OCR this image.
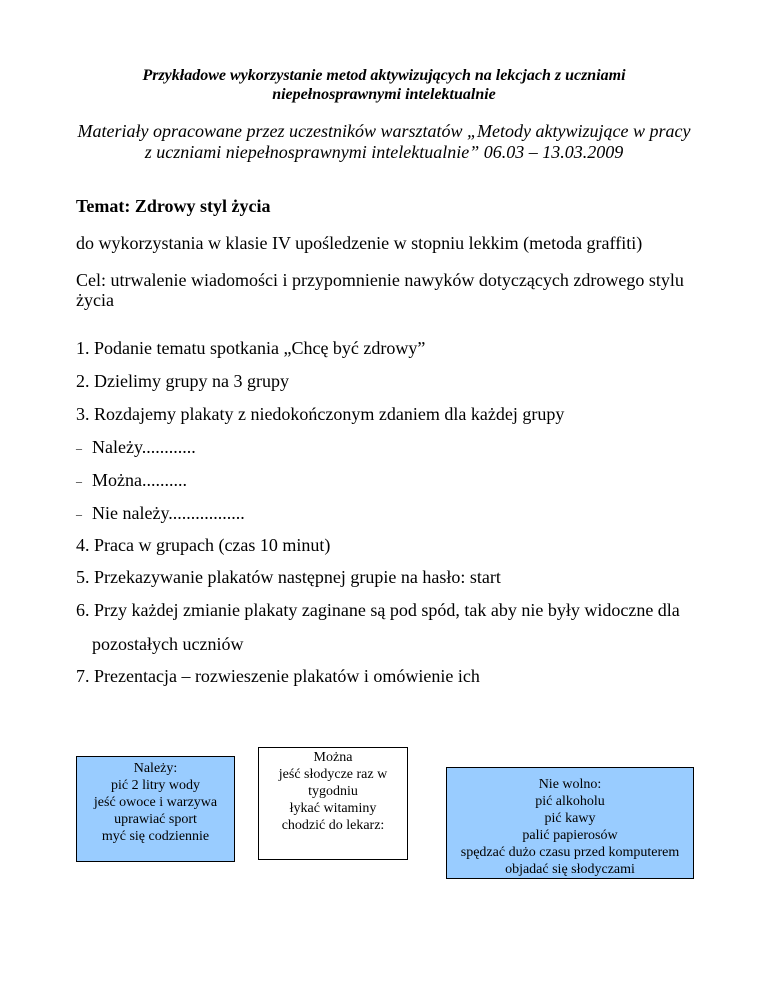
Przykładowe wykorzystanie metod aktywizujących na lekcjach z uczniami
niepełnosprawnymi intelektualnie
Materiały opracowane przez uczestników warsztatów „Metody aktywizujące w pracy
z uczniami niepełnosprawnymi intelektualnie” 06.03 – 13.03.2009
Temat: Zdrowy styl życia
do wykorzystania w klasie IV upośledzenie w stopniu lekkim (metoda graffiti)
Cel: utrwalenie wiadomości i przypomnienie nawyków dotyczących zdrowego stylu
życia
1. Podanie tematu spotkania „Chcę być zdrowy”
2. Dzielimy grupy na 3 grupy
3. Rozdajemy plakaty z niedokończonym zdaniem dla każdej grupy
– Należy............
– Można..........
– Nie należy.................
4. Praca w grupach (czas 10 minut)
5. Przekazywanie plakatów następnej grupie na hasło: start
6. Przy każdej zmianie plakaty zaginane są pod spód, tak aby nie były widoczne dla
pozostałych uczniów
7. Prezentacja – rozwieszenie plakatów i omówienie ich
Należy:
pić 2 litry wody
jeść owoce i warzywa
uprawiać sport
myć się codziennie
Można
jeść słodycze raz w
tygodniu
łykać witaminy
chodzić do lekarz:
Nie wolno:
pić alkoholu
pić kawy
palić papierosów
spędzać dużo czasu przed komputerem
objadać się słodyczami
